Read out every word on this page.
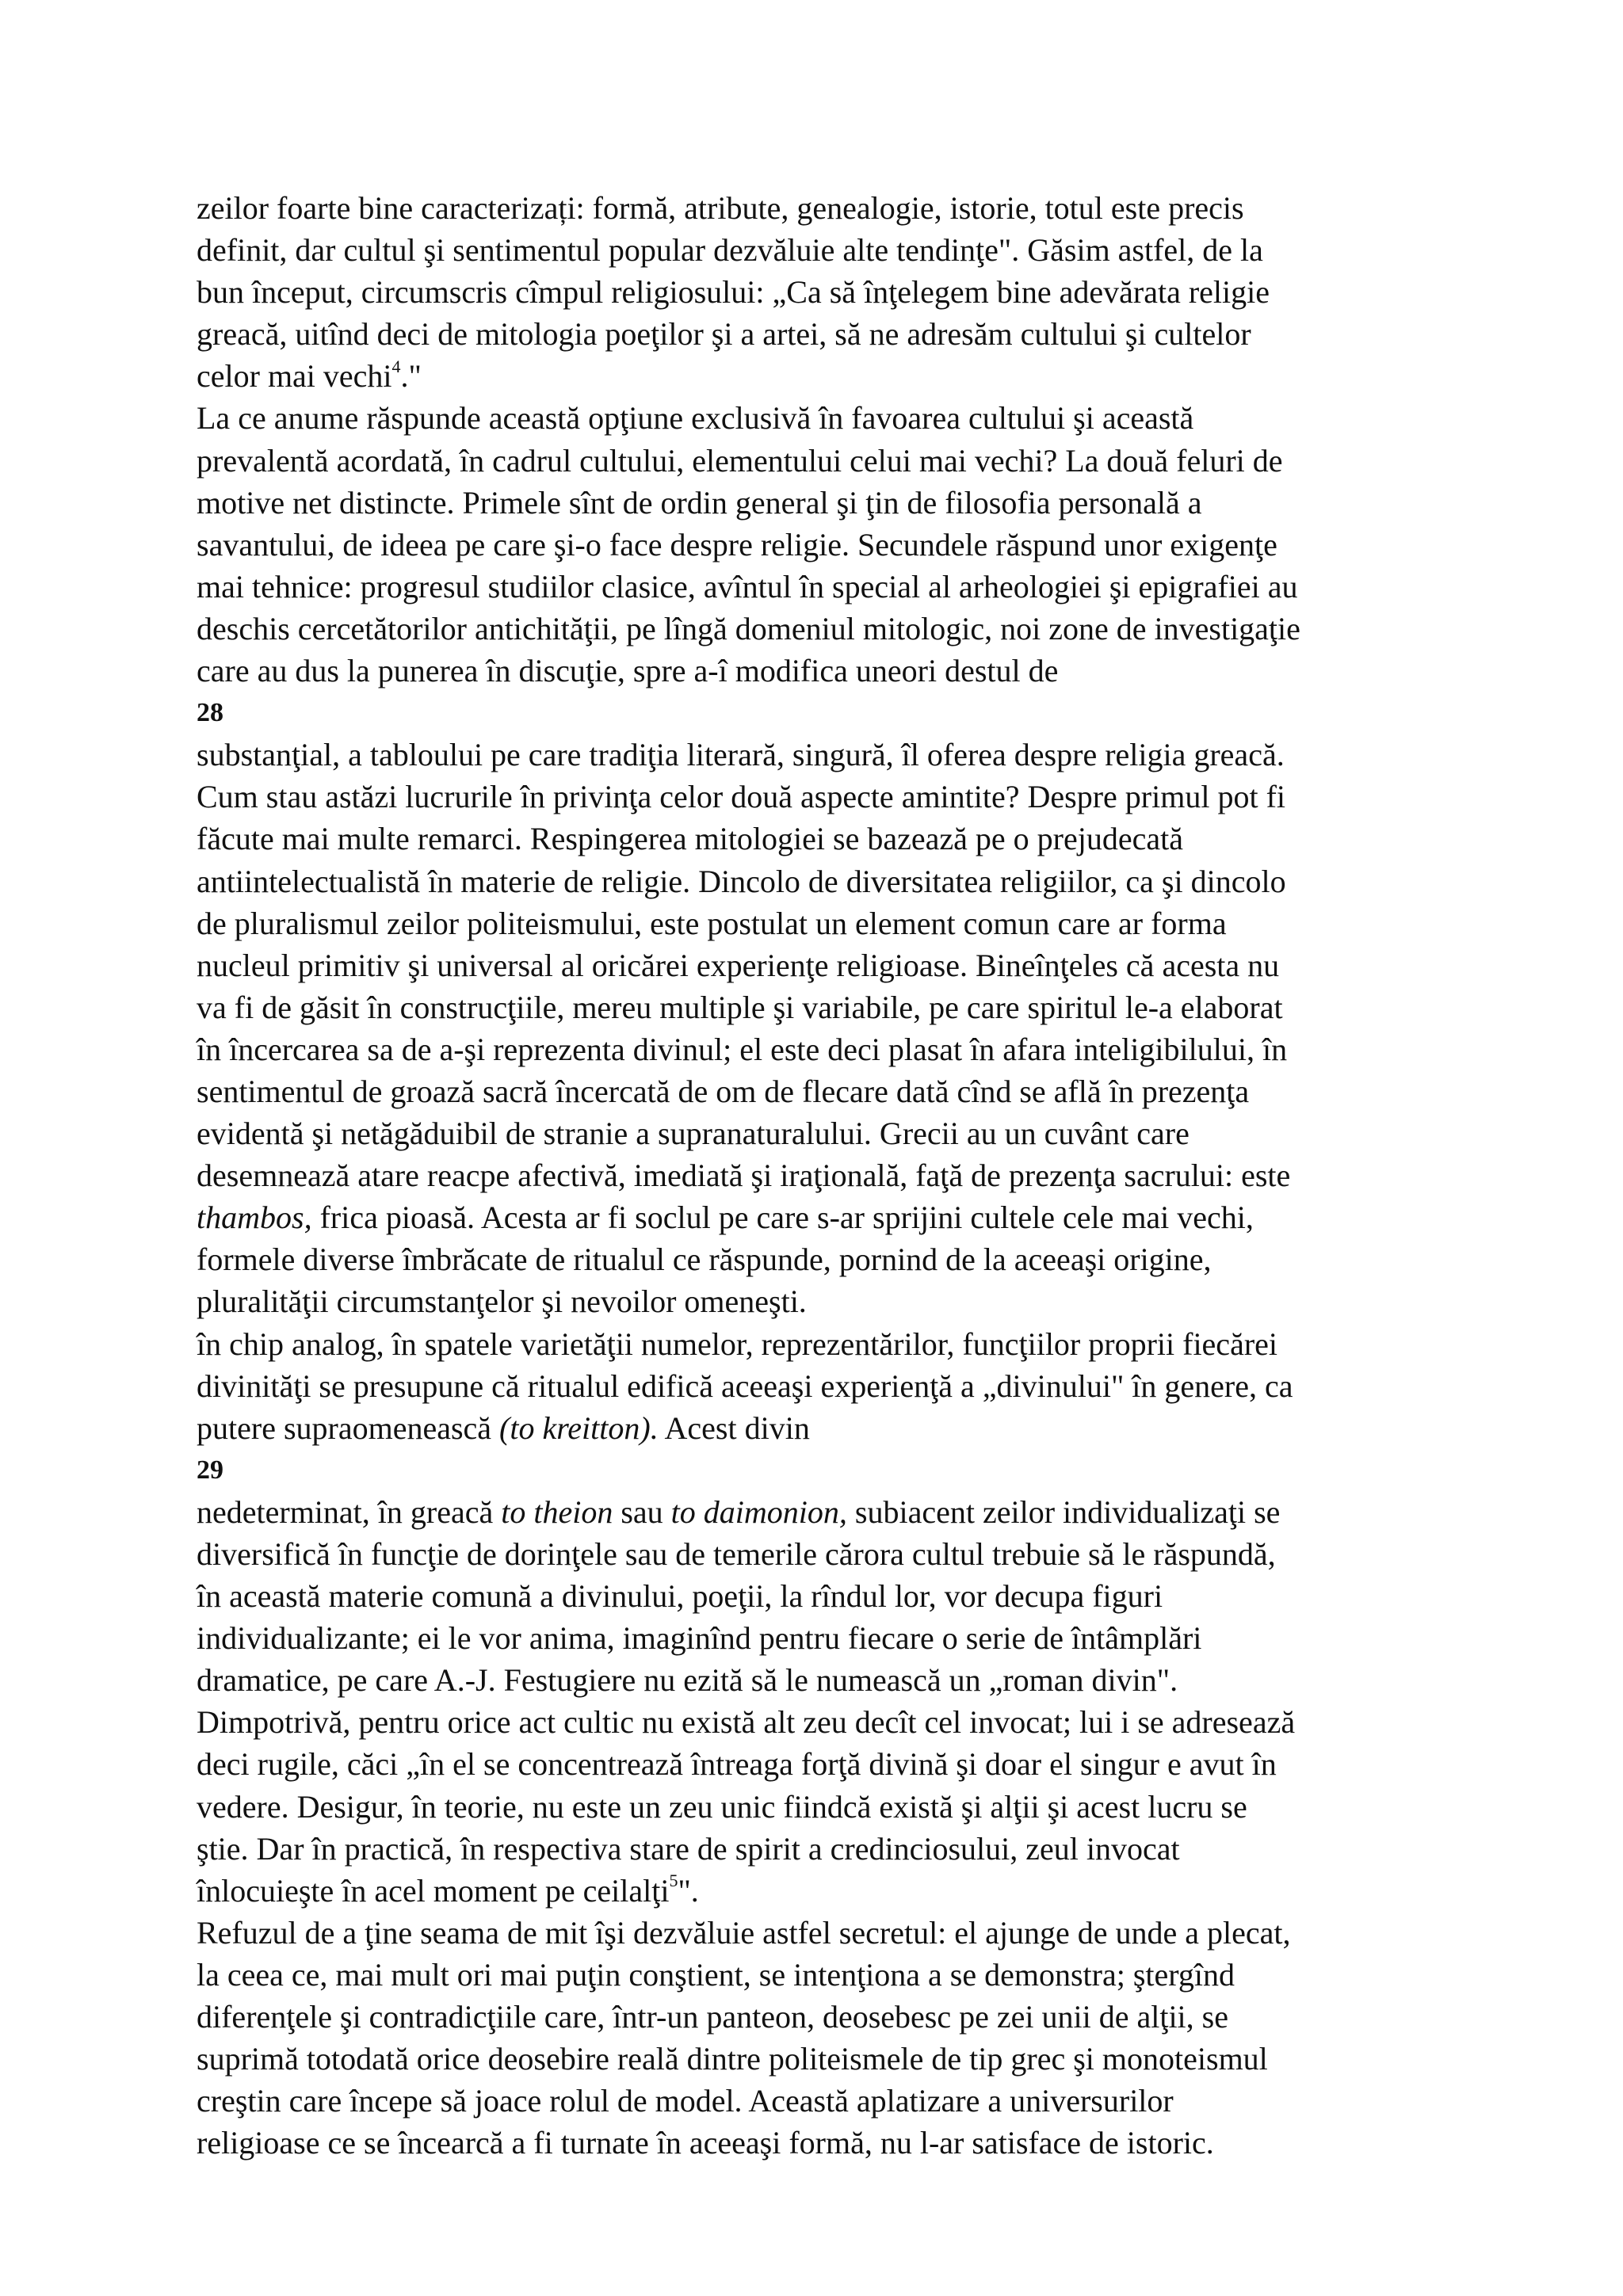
zeilor foarte bine caracterizați: formă, atribute, genealogie, istorie, totul este precis
definit, dar cultul şi sentimentul popular dezvăluie alte tendinţe". Găsim astfel, de la
bun început, circumscris cîmpul religiosului: „Ca să înţelegem bine adevărata religie
greacă, uitînd deci de mitologia poeţilor şi a artei, să ne adresăm cultului şi cultelor
celor mai vechi$^4$."
La ce anume răspunde această opţiune exclusivă în favoarea cultului şi această
prevalentă acordată, în cadrul cultului, elementului celui mai vechi? La două feluri de
motive net distincte. Primele sînt de ordin general şi ţin de filosofia personală a
savantului, de ideea pe care şi-o face despre religie. Secundele răspund unor exigenţe
mai tehnice: progresul studiilor clasice, avîntul în special al arheologiei şi epigrafiei au
deschis cercetătorilor antichităţii, pe lîngă domeniul mitologic, noi zone de investigaţie
care au dus la punerea în discuţie, spre a-î modifica uneori destul de
28
substanţial, a tabloului pe care tradiţia literară, singură, îl oferea despre religia greacă.
Cum stau astăzi lucrurile în privinţa celor două aspecte amintite? Despre primul pot fi
făcute mai multe remarci. Respingerea mitologiei se bazează pe o prejudecată
antiintelectualistă în materie de religie. Dincolo de diversitatea religiilor, ca şi dincolo
de pluralismul zeilor politeismului, este postulat un element comun care ar forma
nucleul primitiv şi universal al oricărei experienţe religioase. Bineînţeles că acesta nu
va fi de găsit în construcţiile, mereu multiple şi variabile, pe care spiritul le-a elaborat
în încercarea sa de a-şi reprezenta divinul; el este deci plasat în afara inteligibilului, în
sentimentul de groază sacră încercată de om de flecare dată cînd se află în prezenţa
evidentă şi netăgăduibil de stranie a supranaturalului. Grecii au un cuvânt care
desemnează atare reacpe afectivă, imediată şi iraţională, faţă de prezenţa sacrului: este
thambos, frica pioasă. Acesta ar fi soclul pe care s-ar sprijini cultele cele mai vechi,
formele diverse îmbrăcate de ritualul ce răspunde, pornind de la aceeaşi origine,
pluralităţii circumstanţelor şi nevoilor omeneşti.
în chip analog, în spatele varietăţii numelor, reprezentărilor, funcţiilor proprii fiecărei
divinităţi se presupune că ritualul edifică aceeaşi experienţă a „divinului" în genere, ca
putere supraomenească (to kreitton). Acest divin
29
nedeterminat, în greacă to theion sau to daimonion, subiacent zeilor individualizaţi se
diversifică în funcţie de dorinţele sau de temerile cărora cultul trebuie să le răspundă,
în această materie comună a divinului, poeţii, la rîndul lor, vor decupa figuri
individualizante; ei le vor anima, imaginînd pentru fiecare o serie de întâmplări
dramatice, pe care A.-J. Festugiere nu ezită să le numească un „roman divin".
Dimpotrivă, pentru orice act cultic nu există alt zeu decît cel invocat; lui i se adresează
deci rugile, căci „în el se concentrează întreaga forţă divină şi doar el singur e avut în
vedere. Desigur, în teorie, nu este un zeu unic fiindcă există şi alţii şi acest lucru se
ştie. Dar în practică, în respectiva stare de spirit a credinciosului, zeul invocat
înlocuieşte în acel moment pe ceilalţi$^5$".
Refuzul de a ţine seama de mit îşi dezvăluie astfel secretul: el ajunge de unde a plecat,
la ceea ce, mai mult ori mai puţin conştient, se intenţiona a se demonstra; ştergînd
diferenţele şi contradicţiile care, într-un panteon, deosebesc pe zei unii de alţii, se
suprimă totodată orice deosebire reală dintre politeismele de tip grec şi monoteismul
creştin care începe să joace rolul de model. Această aplatizare a universurilor
religioase ce se încearcă a fi turnate în aceeaşi formă, nu l-ar satisface de istoric.
